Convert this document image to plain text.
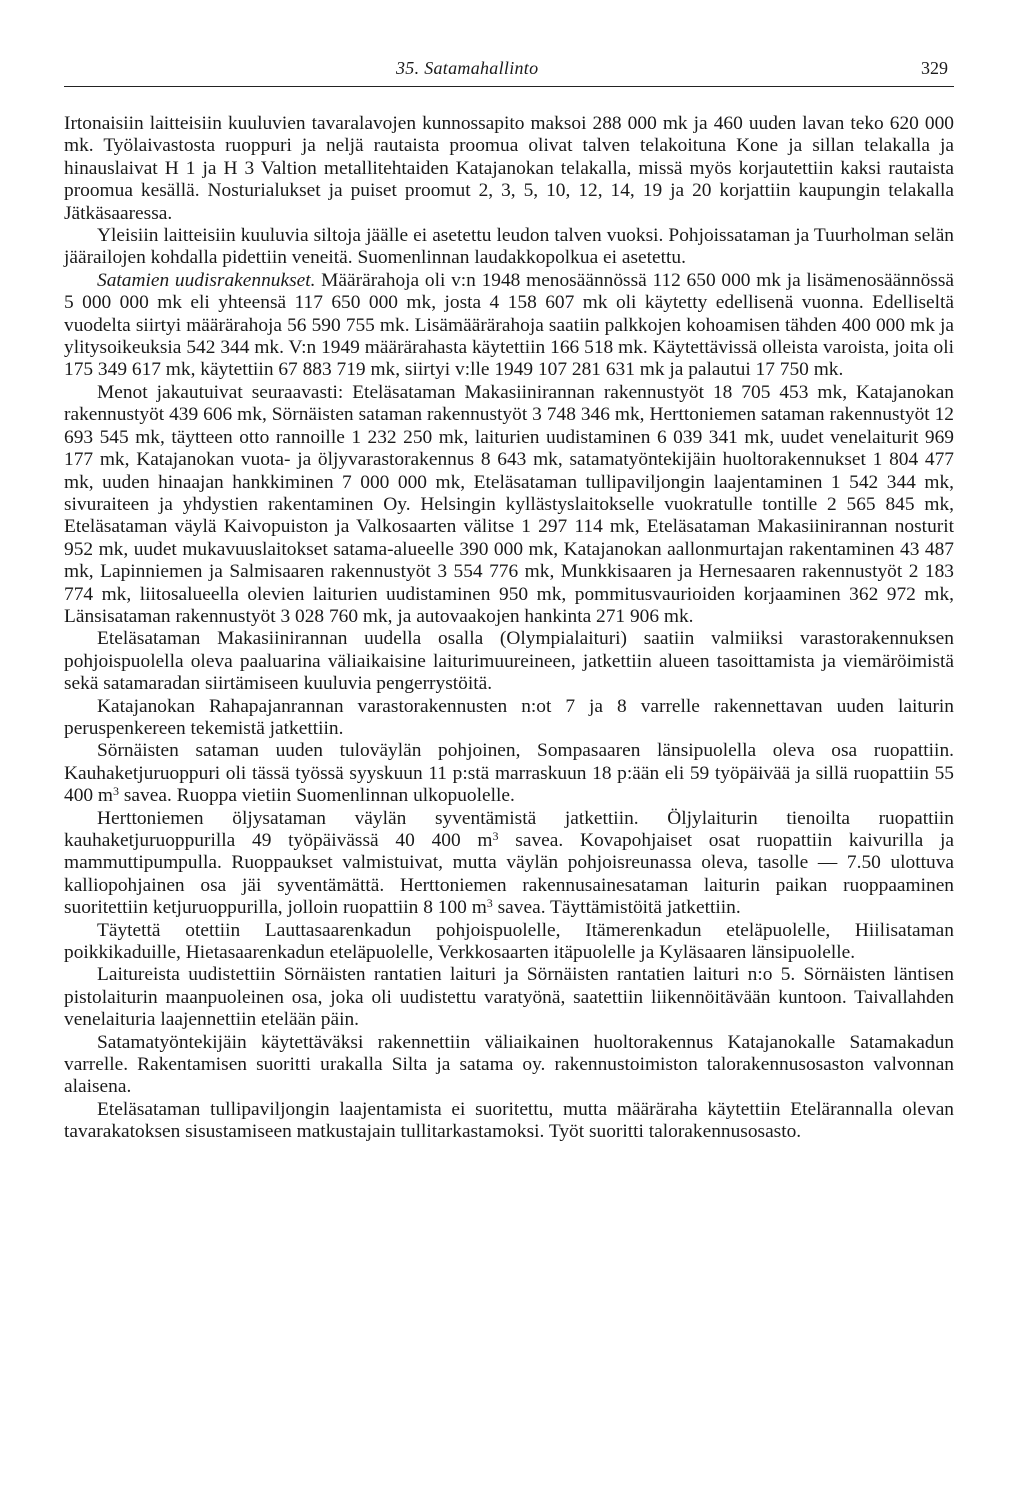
35. Satamahallinto	329

Irtonaisiin laitteisiin kuuluvien tavaralavojen kunnossapito maksoi 288 000 mk ja 460 uuden lavan teko 620 000 mk. Työlaivastosta ruoppuri ja neljä rautaista proomua olivat talven telakoituna Kone ja sillan telakalla ja hinauslaivat H 1 ja H 3 Valtion metallitehtaiden Katajanokan telakalla, missä myös korjautettiin kaksi rautaista proomua kesällä. Nosturialukset ja puiset proomut 2, 3, 5, 10, 12, 14, 19 ja 20 korjattiin kaupungin telakalla Jätkäsaaressa.

Yleisiin laitteisiin kuuluvia siltoja jäälle ei asetettu leudon talven vuoksi. Pohjoissataman ja Tuurholman selän jäärailojen kohdalla pidettiin veneitä. Suomenlinnan laudakkopolkua ei asetettu.

Satamien uudisrakennukset. Määrärahoja oli v:n 1948 menosäännössä 112 650 000 mk ja lisämenosäännössä 5 000 000 mk eli yhteensä 117 650 000 mk, josta 4 158 607 mk oli käytetty edellisenä vuonna. Edelliseltä vuodelta siirtyi määrärahoja 56 590 755 mk. Lisämäärärahoja saatiin palkkojen kohoamisen tähden 400 000 mk ja ylitysoikeuksia 542 344 mk. V:n 1949 määrärahasta käytettiin 166 518 mk. Käytettävissä olleista varoista, joita oli 175 349 617 mk, käytettiin 67 883 719 mk, siirtyi v:lle 1949 107 281 631 mk ja palautui 17 750 mk.

Menot jakautuivat seuraavasti: Eteläsataman Makasiinirannan rakennustyöt 18 705 453 mk, Katajanokan rakennustyöt 439 606 mk, Sörnäisten sataman rakennustyöt 3 748 346 mk, Herttoniemen sataman rakennustyöt 12 693 545 mk, täytteen otto rannoille 1 232 250 mk, laiturien uudistaminen 6 039 341 mk, uudet venelaiturit 969 177 mk, Katajanokan vuota- ja öljyvarastorakennus 8 643 mk, satamatyöntekijäin huoltorakennukset 1 804 477 mk, uuden hinaajan hankkiminen 7 000 000 mk, Eteläsataman tullipaviljongin laajentaminen 1 542 344 mk, sivuraiteen ja yhdystien rakentaminen Oy. Helsingin kyllästyslaitokselle vuokratulle tontille 2 565 845 mk, Eteläsataman väylä Kaivopuiston ja Valkosaarten välitse 1 297 114 mk, Eteläsataman Makasiinirannan nosturit 952 mk, uudet mukavuuslaitokset satama-alueelle 390 000 mk, Katajanokan aallonmurtajan rakentaminen 43 487 mk, Lapinniemen ja Salmisaaren rakennustyöt 3 554 776 mk, Munkkisaaren ja Hernesaaren rakennustyöt 2 183 774 mk, liitosalueella olevien laiturien uudistaminen 950 mk, pommitusvaurioiden korjaaminen 362 972 mk, Länsisataman rakennustyöt 3 028 760 mk, ja autovaakojen hankinta 271 906 mk.

Eteläsataman Makasiinirannan uudella osalla (Olympialaituri) saatiin valmiiksi varastorakennuksen pohjoispuolella oleva paaluarina väliaikaisine laiturimuureineen, jatkettiin alueen tasoittamista ja viemäröimistä sekä satamaradan siirtämiseen kuuluvia pengerrystöitä.

Katajanokan Rahapajanrannan varastorakennusten n:ot 7 ja 8 varrelle rakennettavan uuden laiturin peruspenkereen tekemistä jatkettiin.

Sörnäisten sataman uuden tuloväylän pohjoinen, Sompasaaren länsipuolella oleva osa ruopattiin. Kauhaketjuruoppuri oli tässä työssä syyskuun 11 p:stä marraskuun 18 p:ään eli 59 työpäivää ja sillä ruopattiin 55 400 $m^3$ savea. Ruoppa vietiin Suomenlinnan ulkopuolelle.

Herttoniemen öljysataman väylän syventämistä jatkettiin. Öljylaiturin tienoilta ruopattiin kauhaketjuruoppurilla 49 työpäivässä 40 400 $m^3$ savea. Kovapohjaiset osat ruopattiin kaivurilla ja mammuttipumpulla. Ruoppaukset valmistuivat, mutta väylän pohjoisreunassa oleva, tasolle — 7.50 ulottuva kalliopohjainen osa jäi syventämättä. Herttoniemen rakennusainesataman laiturin paikan ruoppaaminen suoritettiin ketjuruoppurilla, jolloin ruopattiin 8 100 $m^3$ savea. Täyttämistöitä jatkettiin.

Täytettä otettiin Lauttasaarenkadun pohjoispuolelle, Itämerenkadun eteläpuolelle, Hiilisataman poikkikaduille, Hietasaarenkadun eteläpuolelle, Verkkosaarten itäpuolelle ja Kyläsaaren länsipuolelle.

Laitureista uudistettiin Sörnäisten rantatien laituri ja Sörnäisten rantatien laituri n:o 5. Sörnäisten läntisen pistolaiturin maanpuoleinen osa, joka oli uudistettu varatyönä, saatettiin liikennöitävään kuntoon. Taivallahden venelaituria laajennettiin etelään päin.

Satamatyöntekijäin käytettäväksi rakennettiin väliaikainen huoltorakennus Katajanokalle Satamakadun varrelle. Rakentamisen suoritti urakalla Silta ja satama oy. rakennustoimiston talorakennusosaston valvonnan alaisena.

Eteläsataman tullipaviljongin laajentamista ei suoritettu, mutta määräraha käytettiin Etelärannalla olevan tavarakatoksen sisustamiseen matkustajain tullitarkastamoksi. Työt suoritti talorakennusosasto.
